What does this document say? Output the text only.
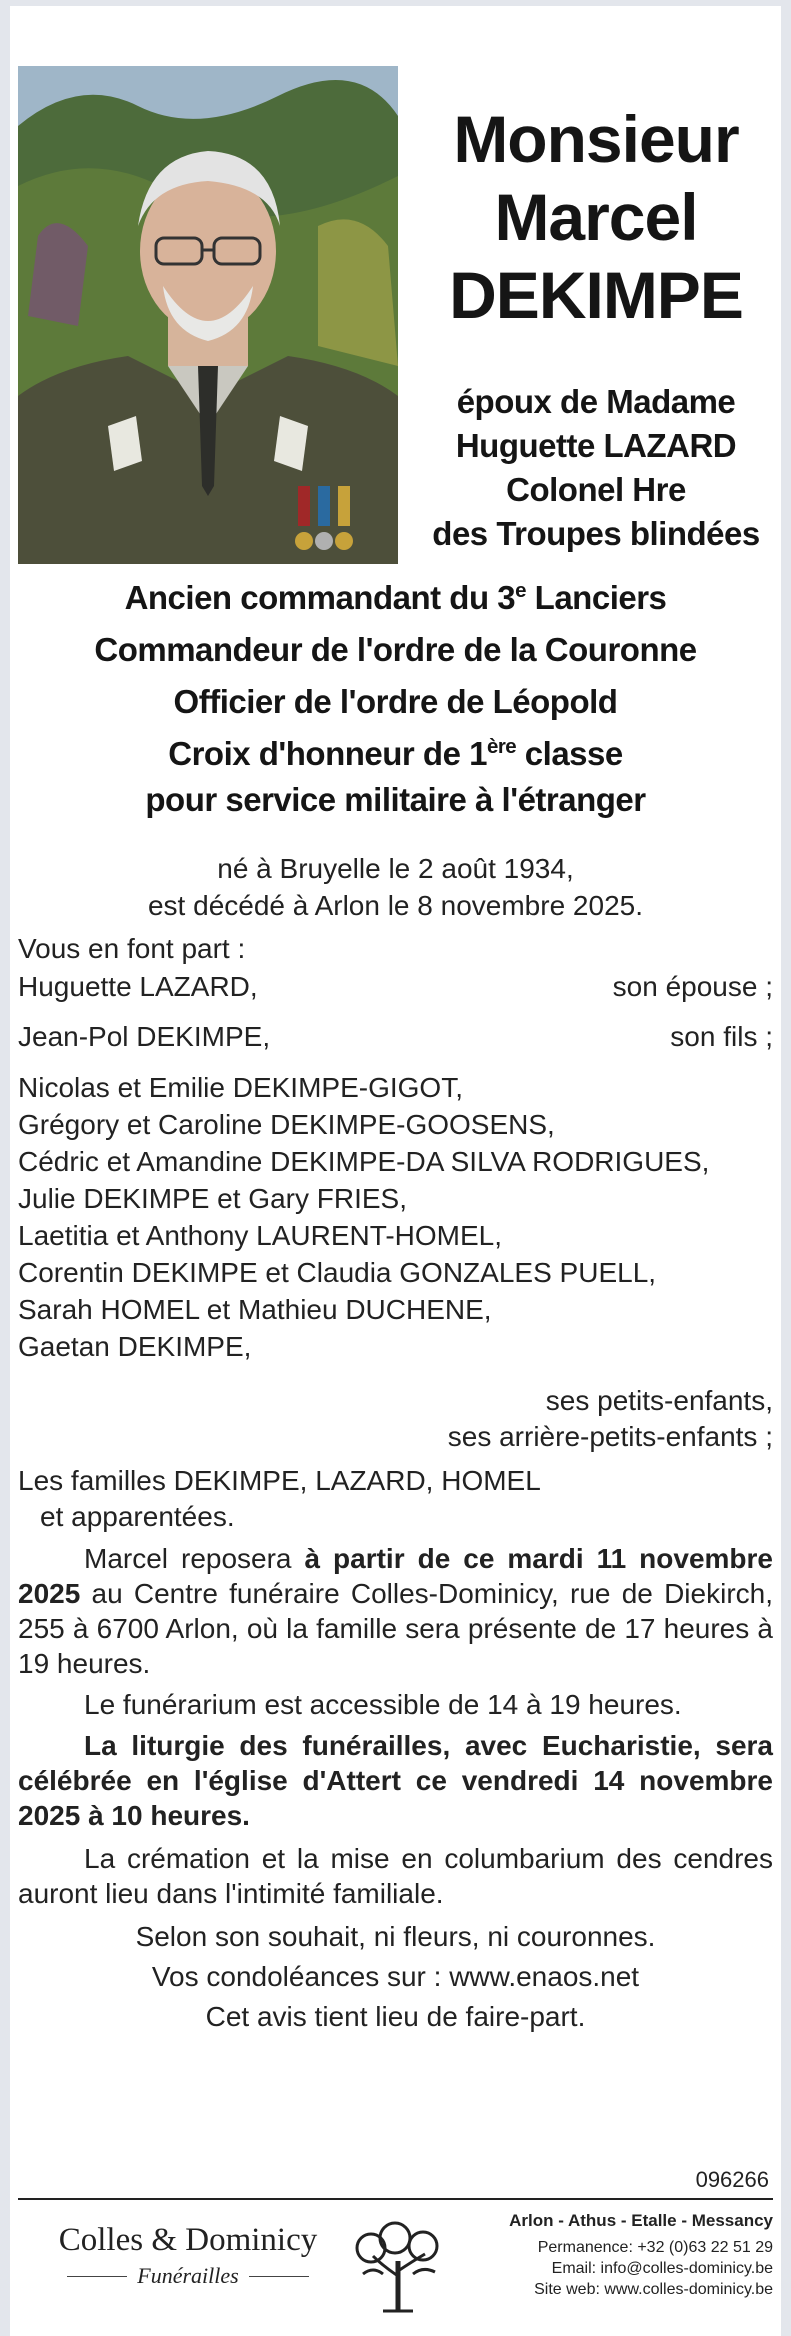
Monsieur
Marcel
DEKIMPE
époux de Madame
Huguette LAZARD
Colonel Hre
des Troupes blindées
Ancien commandant du 3e Lanciers
Commandeur de l'ordre de la Couronne
Officier de l'ordre de Léopold
Croix d'honneur de 1ère classe
pour service militaire à l'étranger
né à Bruyelle le 2 août 1934,
est décédé à Arlon le 8 novembre 2025.
Vous en font part :
Huguette LAZARD,	son épouse ;
Jean-Pol DEKIMPE,	son fils ;
Nicolas et Emilie DEKIMPE-GIGOT,
Grégory et Caroline DEKIMPE-GOOSENS,
Cédric et Amandine DEKIMPE-DA SILVA RODRIGUES,
Julie DEKIMPE et Gary FRIES,
Laetitia et Anthony LAURENT-HOMEL,
Corentin DEKIMPE et Claudia GONZALES PUELL,
Sarah HOMEL et Mathieu DUCHENE,
Gaetan DEKIMPE,
ses petits-enfants,
ses arrière-petits-enfants ;
Les familles DEKIMPE, LAZARD, HOMEL
et apparentées.
Marcel reposera à partir de ce mardi 11 novembre 2025 au Centre funéraire Colles-Dominicy, rue de Diekirch, 255 à 6700 Arlon, où la famille sera présente de 17 heures à 19 heures.
Le funérarium est accessible de 14 à 19 heures.
La liturgie des funérailles, avec Eucharistie, sera célébrée en l'église d'Attert ce vendredi 14 novembre 2025 à 10 heures.
La crémation et la mise en columbarium des cendres auront lieu dans l'intimité familiale.
Selon son souhait, ni fleurs, ni couronnes.
Vos condoléances sur : www.enaos.net
Cet avis tient lieu de faire-part.
096266
Colles & Dominicy
Funérailles
Arlon - Athus - Etalle - Messancy
Permanence: +32 (0)63 22 51 29
Email: info@colles-dominicy.be
Site web: www.colles-dominicy.be
